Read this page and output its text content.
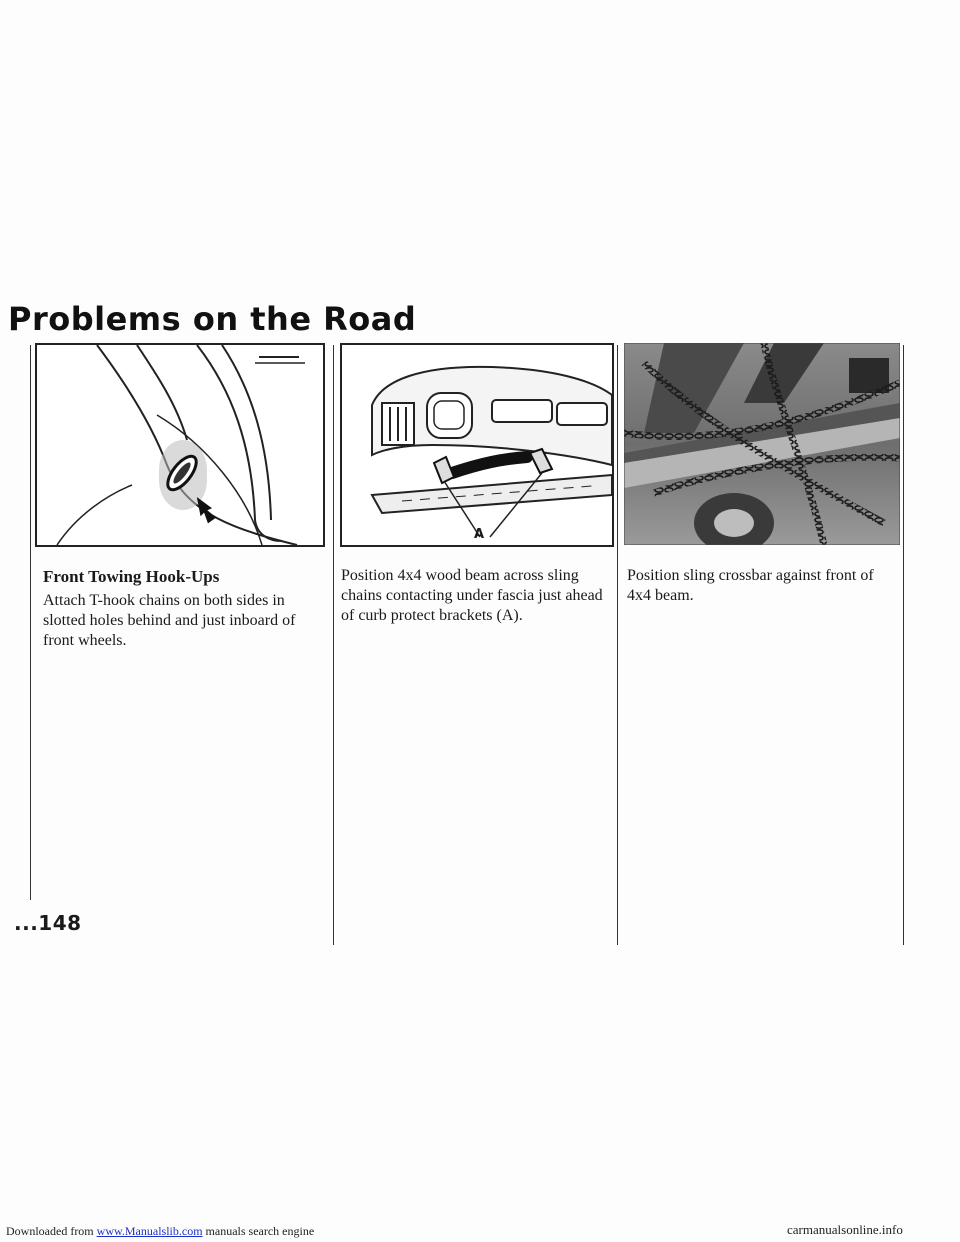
Problems on the Road
A
Front Towing Hook-Ups

Attach T-hook chains on both sides in slotted holes behind and just inboard of front wheels.

Position 4x4 wood beam across sling chains contacting under fascia just ahead of curb protect brackets (A).

Position sling crossbar against front of 4x4 beam.

...148
Downloaded from www.Manualslib.com manuals search engine	carmanualsonline.info
